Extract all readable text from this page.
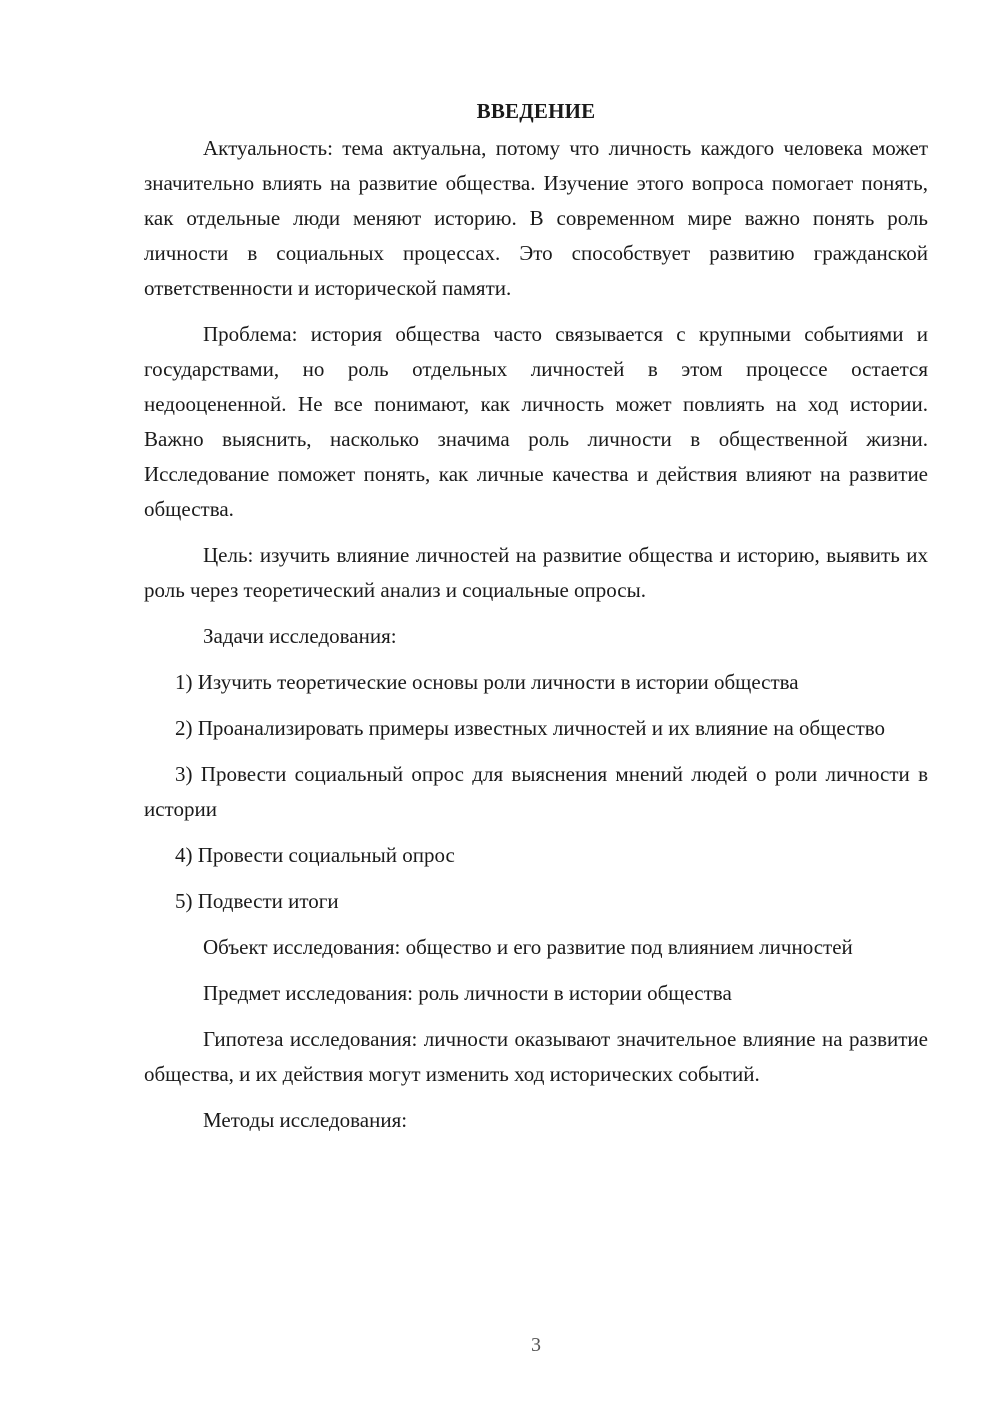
ВВЕДЕНИЕ

Актуальность: тема актуальна, потому что личность каждого человека может значительно влиять на развитие общества. Изучение этого вопроса помогает понять, как отдельные люди меняют историю. В современном мире важно понять роль личности в социальных процессах. Это способствует развитию гражданской ответственности и исторической памяти.

Проблема: история общества часто связывается с крупными событиями и государствами, но роль отдельных личностей в этом процессе остается недооцененной. Не все понимают, как личность может повлиять на ход истории. Важно выяснить, насколько значима роль личности в общественной жизни. Исследование поможет понять, как личные качества и действия влияют на развитие общества.

Цель: изучить влияние личностей на развитие общества и историю, выявить их роль через теоретический анализ и социальные опросы.

Задачи исследования:

1) Изучить теоретические основы роли личности в истории общества

2) Проанализировать примеры известных личностей и их влияние на общество

3) Провести социальный опрос для выяснения мнений людей о роли личности в истории

4) Провести социальный опрос

5) Подвести итоги

Объект исследования: общество и его развитие под влиянием личностей

Предмет исследования: роль личности в истории общества

Гипотеза исследования: личности оказывают значительное влияние на развитие общества, и их действия могут изменить ход исторических событий.

Методы исследования:

3
